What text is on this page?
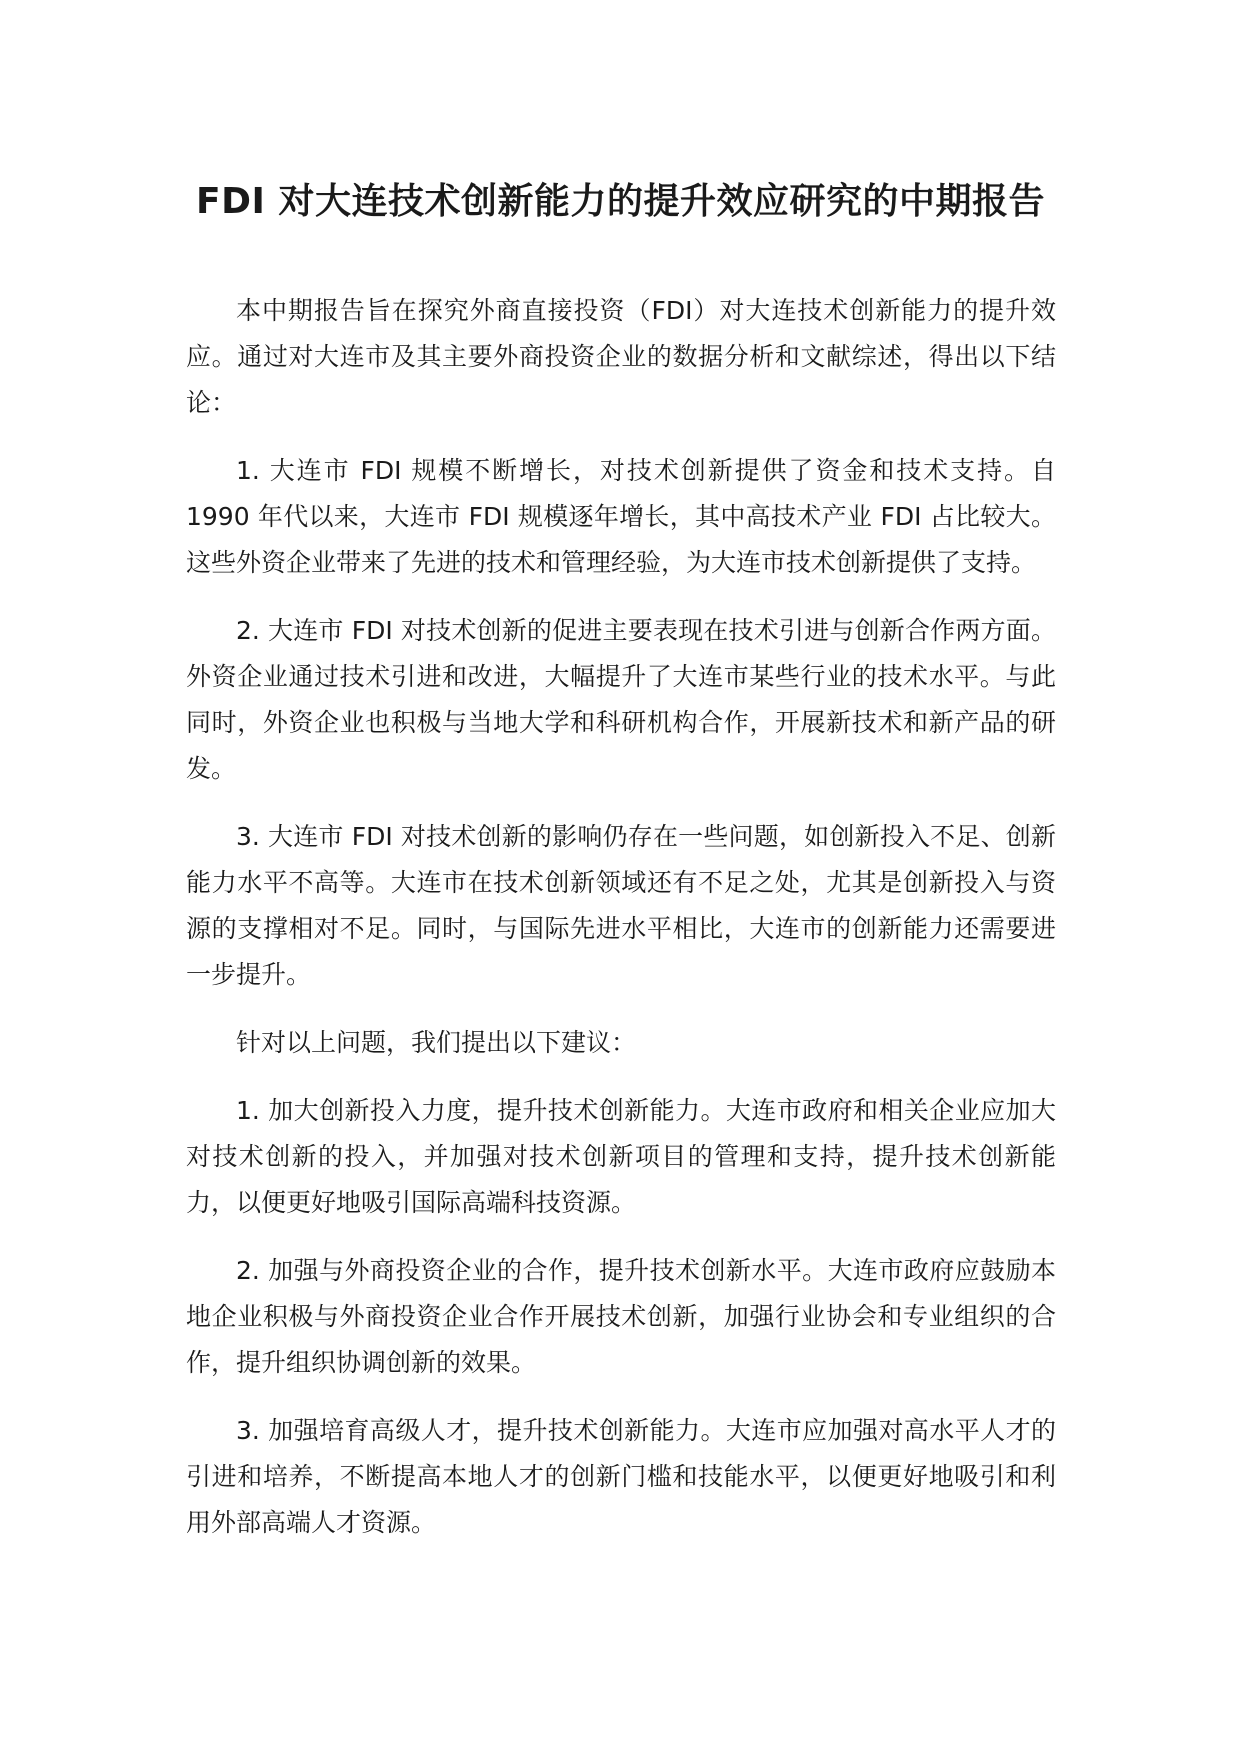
FDI 对大连技术创新能力的提升效应研究的中期报告

本中期报告旨在探究外商直接投资（FDI）对大连技术创新能力的提升效应。通过对大连市及其主要外商投资企业的数据分析和文献综述，得出以下结论：

1. 大连市 FDI 规模不断增长，对技术创新提供了资金和技术支持。自 1990 年代以来，大连市 FDI 规模逐年增长，其中高技术产业 FDI 占比较大。这些外资企业带来了先进的技术和管理经验，为大连市技术创新提供了支持。

2. 大连市 FDI 对技术创新的促进主要表现在技术引进与创新合作两方面。外资企业通过技术引进和改进，大幅提升了大连市某些行业的技术水平。与此同时，外资企业也积极与当地大学和科研机构合作，开展新技术和新产品的研发。

3. 大连市 FDI 对技术创新的影响仍存在一些问题，如创新投入不足、创新能力水平不高等。大连市在技术创新领域还有不足之处，尤其是创新投入与资源的支撑相对不足。同时，与国际先进水平相比，大连市的创新能力还需要进一步提升。

针对以上问题，我们提出以下建议：

1. 加大创新投入力度，提升技术创新能力。大连市政府和相关企业应加大对技术创新的投入，并加强对技术创新项目的管理和支持，提升技术创新能力，以便更好地吸引国际高端科技资源。

2. 加强与外商投资企业的合作，提升技术创新水平。大连市政府应鼓励本地企业积极与外商投资企业合作开展技术创新，加强行业协会和专业组织的合作，提升组织协调创新的效果。

3. 加强培育高级人才，提升技术创新能力。大连市应加强对高水平人才的引进和培养，不断提高本地人才的创新门槛和技能水平，以便更好地吸引和利用外部高端人才资源。
